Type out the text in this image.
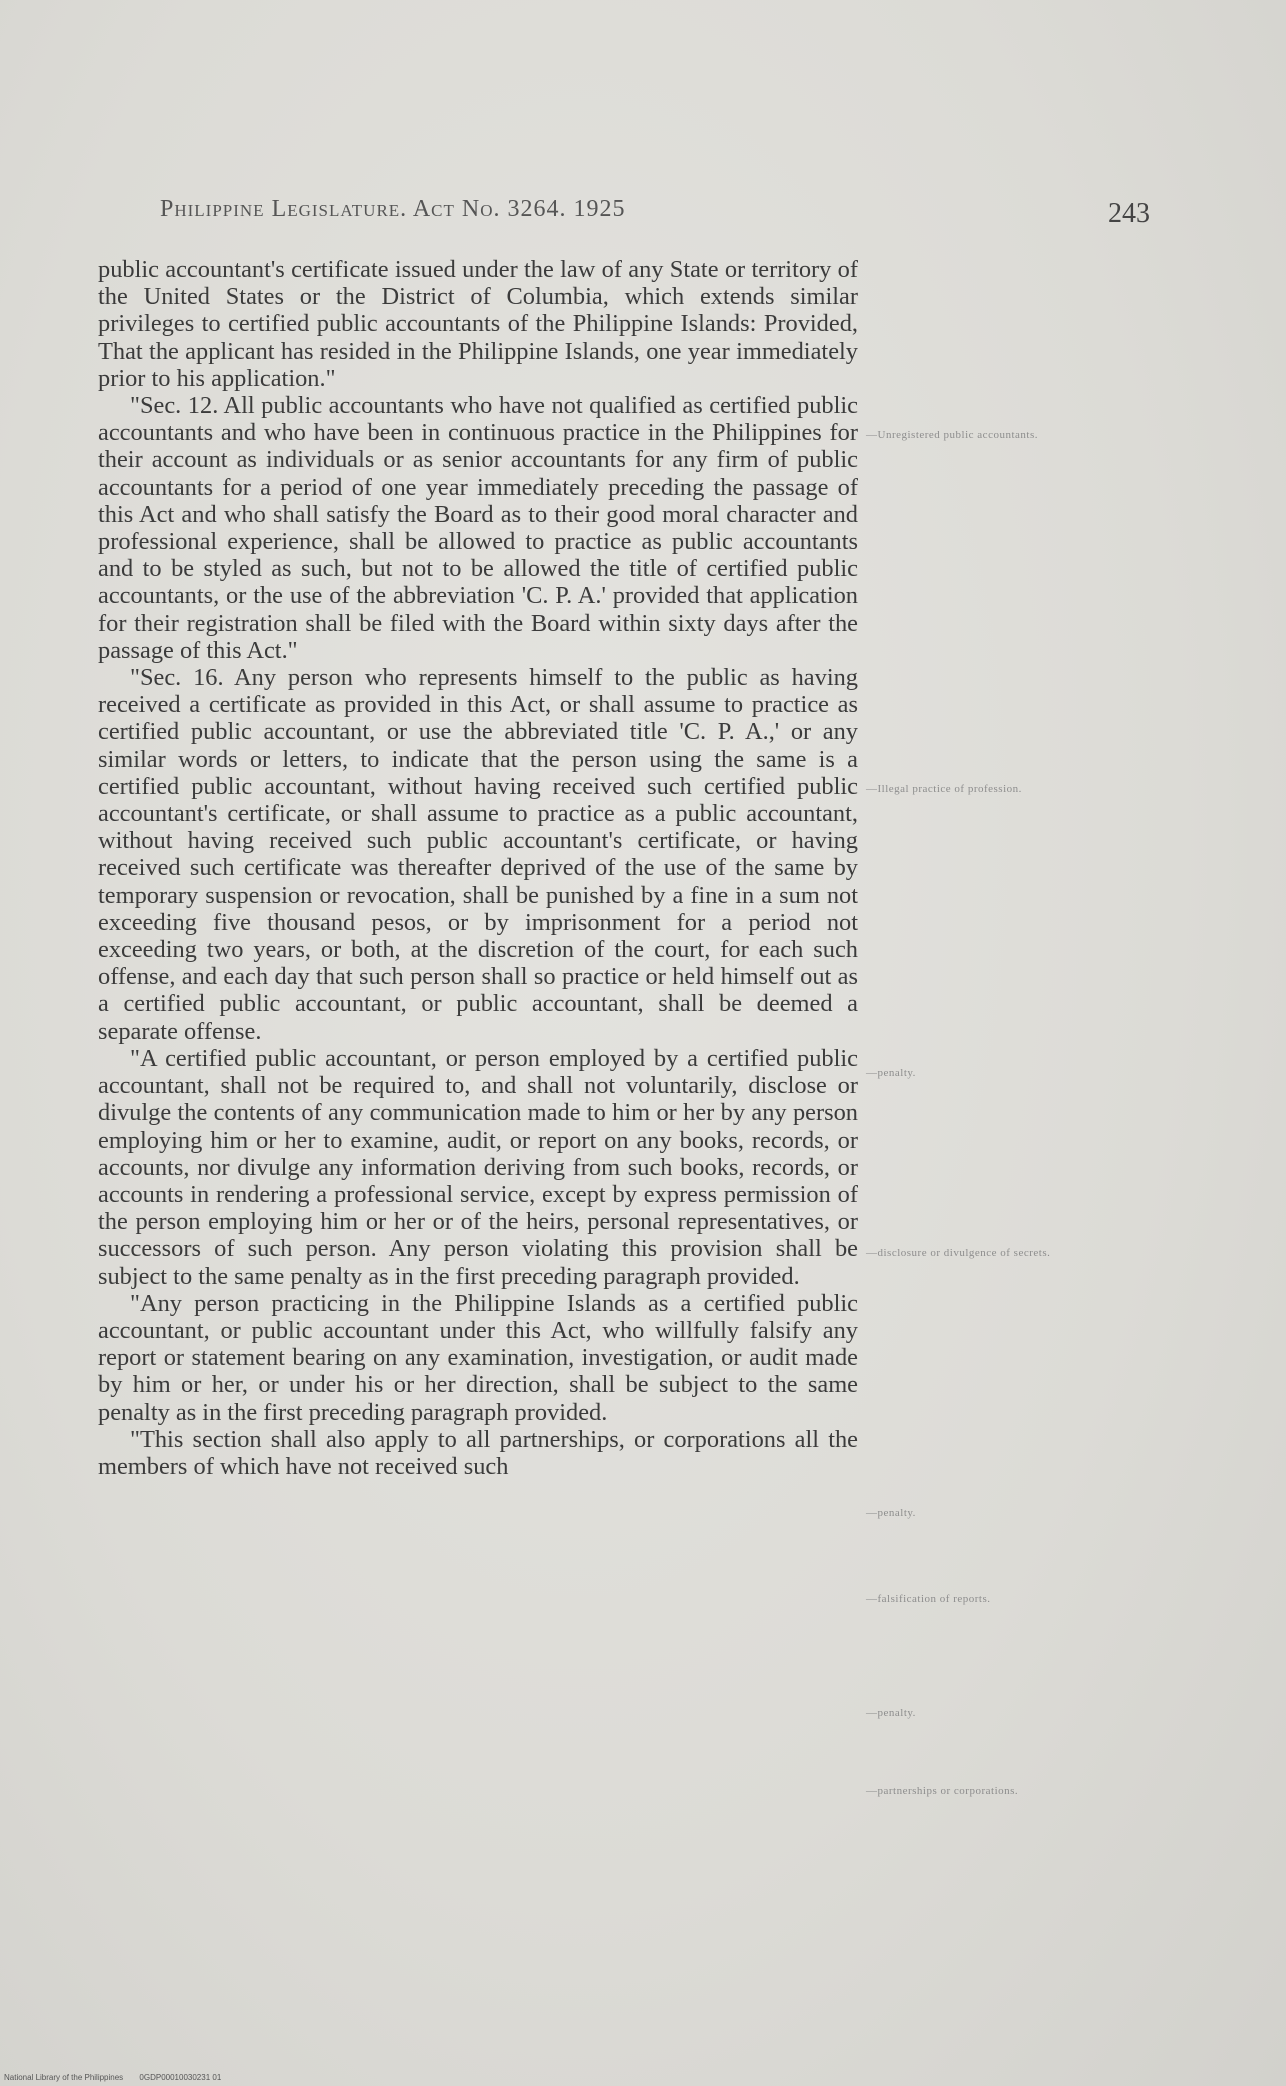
Philippine Legislature. Act No. 3264. 1925	243

public accountant's certificate issued under the law of any State or territory of the United States or the District of Columbia, which extends similar privileges to certified public accountants of the Philippine Islands: Provided, That the applicant has resided in the Philippine Islands, one year immediately prior to his application."

"Sec. 12. All public accountants who have not qualified as certified public accountants and who have been in continuous practice in the Philippines for their account as individuals or as senior accountants for any firm of public accountants for a period of one year immediately preceding the passage of this Act and who shall satisfy the Board as to their good moral character and professional experience, shall be allowed to practice as public accountants and to be styled as such, but not to be allowed the title of certified public accountants, or the use of the abbreviation 'C. P. A.' provided that application for their registration shall be filed with the Board within sixty days after the passage of this Act."

"Sec. 16. Any person who represents himself to the public as having received a certificate as provided in this Act, or shall assume to practice as certified public accountant, or use the abbreviated title 'C. P. A.,' or any similar words or letters, to indicate that the person using the same is a certified public accountant, without having received such certified public accountant's certificate, or shall assume to practice as a public accountant, without having received such public accountant's certificate, or having received such certificate was thereafter deprived of the use of the same by temporary suspension or revocation, shall be punished by a fine in a sum not exceeding five thousand pesos, or by imprisonment for a period not exceeding two years, or both, at the discretion of the court, for each such offense, and each day that such person shall so practice or held himself out as a certified public accountant, or public accountant, shall be deemed a separate offense.

"A certified public accountant, or person employed by a certified public accountant, shall not be required to, and shall not voluntarily, disclose or divulge the contents of any communication made to him or her by any person employing him or her to examine, audit, or report on any books, records, or accounts, nor divulge any information deriving from such books, records, or accounts in rendering a professional service, except by express permission of the person employing him or her or of the heirs, personal representatives, or successors of such person. Any person violating this provision shall be subject to the same penalty as in the first preceding paragraph provided.

"Any person practicing in the Philippine Islands as a certified public accountant, or public accountant under this Act, who willfully falsify any report or statement bearing on any examination, investigation, or audit made by him or her, or under his or her direction, shall be subject to the same penalty as in the first preceding paragraph provided.

"This section shall also apply to all partnerships, or corporations all the members of which have not received such

—Unregistered public accountants.
—Illegal practice of profession.
—penalty.
—disclosure or divulgence of secrets.
—penalty.
—falsification of reports.
—penalty.
—partnerships or corporations.
National Library of the Philippines 0GDP00010030231 01
